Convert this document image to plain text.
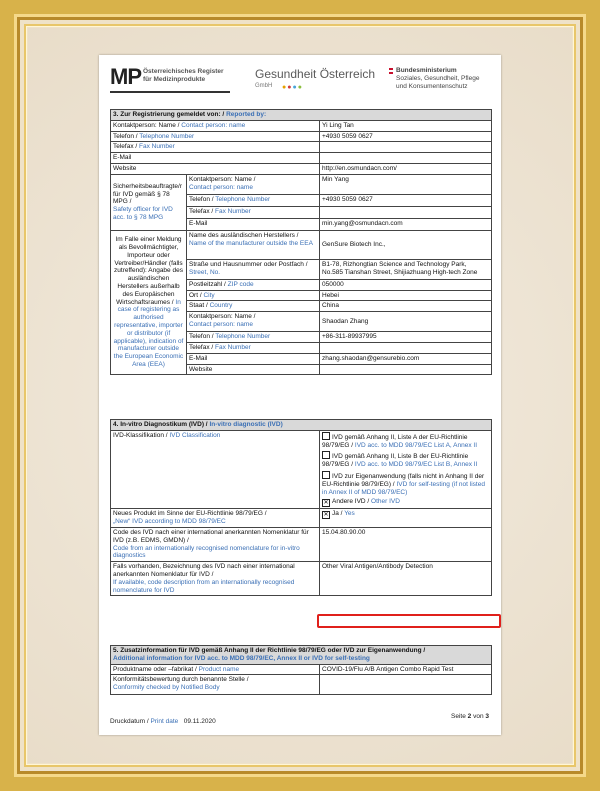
MP Österreichisches Register
für Medizinprodukte	Gesundheit Österreich
GmbH ●●●●
Bundesministerium
Soziales, Gesundheit, Pflege
und Konsumentenschutz
3. Zur Registrierung gemeldet von: / Reported by:		
Kontaktperson: Name / Contact person: name		Yi Ling Tan
Telefon / Telephone Number		+4930 5059 0627
Telefax / Fax Number		
E-Mail		
Website		http://en.osmundacn.com/
Sicherheitsbeauftragte/r für IVD gemäß § 78 MPG /
Safety officer for IVD acc. to § 78 MPG	Kontaktperson: Name /
Contact person: name	Min Yang
	Telefon / Telephone Number	+4930 5059 0627
	Telefax / Fax Number	
	E-Mail	min.yang@osmundacn.com
Im Falle einer Meldung als Bevollmächtigter, Importeur oder Vertreiber/Händler (falls zutreffend): Angabe des ausländischen Herstellers außerhalb des Europäischen Wirtschaftsraumes / In case of registering as authorised representative, importer or distributor (if applicable), indication of manufacturer outside the European Economic Area (EEA)	Name des ausländischen Herstellers /
Name of the manufacturer outside the EEA	GenSure Biotech Inc.,
	Straße und Hausnummer oder Postfach /
Street, No.	B1-78, Rizhongtian Science and Technology Park, No.585 Tianshan Street, Shijiazhuang High-tech Zone
	Postleitzahl / ZIP code	050000
	Ort / City	Hebei
	Staat / Country	China
	Kontaktperson: Name /
Contact person: name	Shaodan Zhang
	Telefon / Telephone Number	+86-311-89937995
	Telefax / Fax Number	
	E-Mail	zhang.shaodan@gensurebio.com
	Website	
4. In-vitro Diagnostikum (IVD) / In-vitro diagnostic (IVD)	
IVD-Klassifikation / IVD Classification	IVD gemäß Anhang II, Liste A der EU-Richtlinie 98/79/EG / IVD acc. to MDD 98/79/EC List A, Annex II
IVD gemäß Anhang II, Liste B der EU-Richtlinie 98/79/EG / IVD acc. to MDD 98/79/EC List B, Annex II
IVD zur Eigenanwendung (falls nicht in Anhang II der EU-Richtlinie 98/79/EG) / IVD for self-testing (if not listed in Annex II of MDD 98/79/EC)
✕ Andere IVD / Other IVD

Neues Produkt im Sinne der EU-Richtlinie 98/79/EG /
„New“ IVD according to MDD 98/79/EC	✕ Ja / Yes
Code des IVD nach einer international anerkannten Nomenklatur für IVD (z.B. EDMS, GMDN) /
Code from an internationally recognised nomenclature for in-vitro diagnostics	15.04.80.90.00
Falls vorhanden, Bezeichnung des IVD nach einer international anerkannten Nomenklatur für IVD /
If available, code description from an internationally recognised nomenclature for IVD	Other Viral Antigen/Antibody Detection
5. Zusatzinformation für IVD gemäß Anhang II der Richtlinie 98/79/EG oder IVD zur Eigenanwendung /
Additional information for IVD acc. to MDD 98/79/EC, Annex II or IVD for self-testing	
Produktname oder –fabrikat / Product name	COVID-19/Flu A/B Antigen Combo Rapid Test
Konformitätsbewertung durch benannte Stelle /
Conformity checked by Notified Body	
Seite 2 von 3
Druckdatum / Print date 09.11.2020
